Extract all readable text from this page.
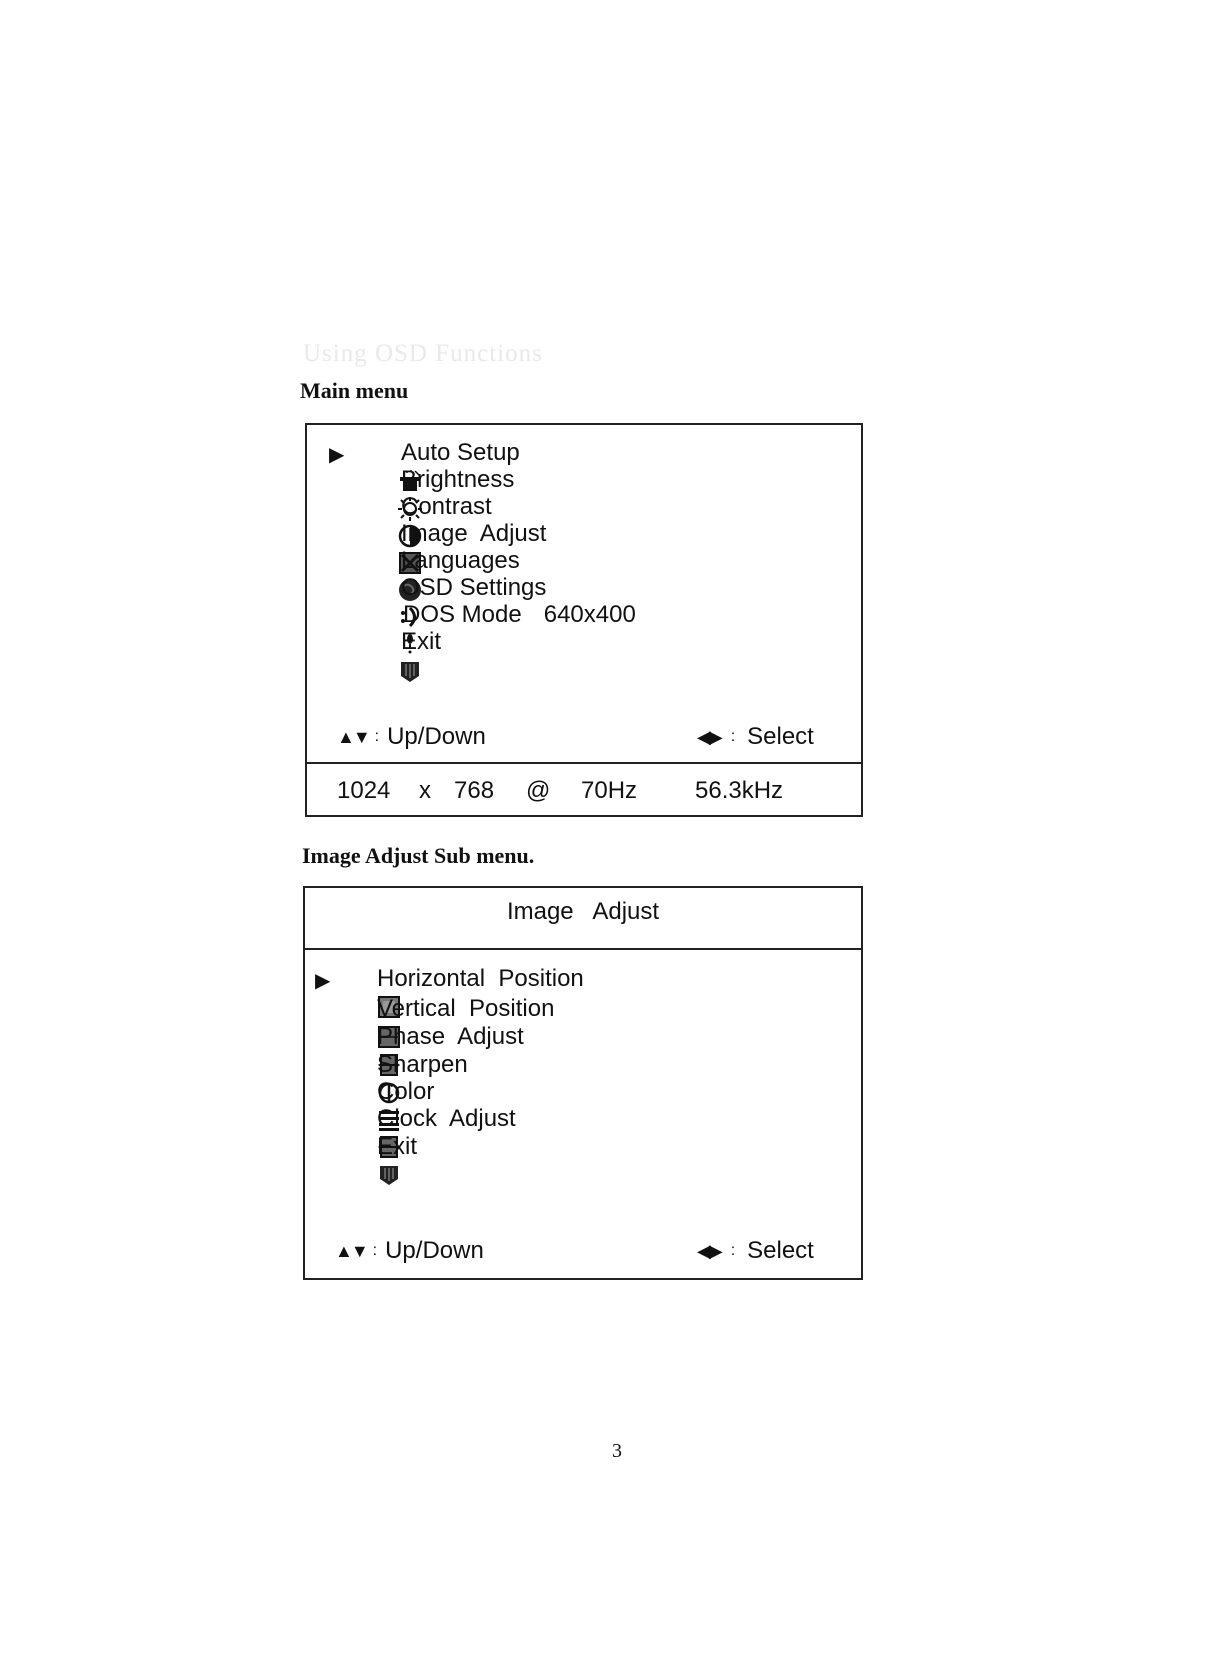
Using OSD Functions
Main menu
▶

Auto Setup

Brightness

Contrast

Image  Adjust

Languages

OSD Settings

DOS Mode 640x400

Exit
▲▼ : Up/Down	◀▶ : Select
1024 x 768 @ 70Hz 56.3kHz
Image Adjust Sub menu.
Image   Adjust
▶

Horizontal  Position

Vertical  Position

Phase  Adjust

Sharpen

Color

Clock  Adjust

Exit
▲▼ : Up/Down	◀▶ : Select
3
